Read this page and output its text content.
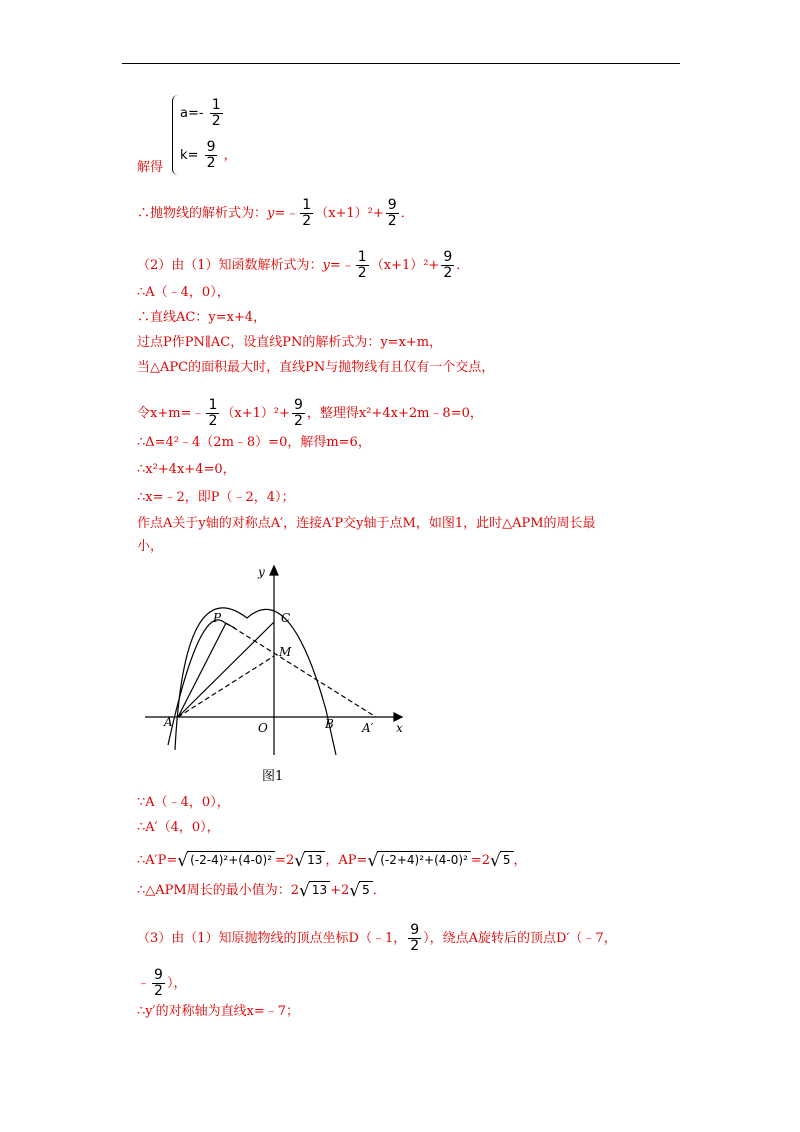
解得
$a=- \frac{1}{2}$
$k= \frac{9}{2}$ ，
∴抛物线的解析式为：y=﹣ $\frac{1}{2} (x+1)^2+ \frac{9}{2}$ ．
（2）由（1）知函数解析式为：y=﹣ $\frac{1}{2} (x+1)^2+ \frac{9}{2}$ ．
∴A（﹣4，0），
∴直线AC：y=x+4，
过点P作PN∥AC，设直线PN的解析式为：y=x+m，
当△APC的面积最大时，直线PN与抛物线有且仅有一个交点，
令x+m=﹣ $\frac{1}{2} (x+1)^2+ \frac{9}{2}$ ，整理得x²+4x+2m﹣8=0，
∴Δ=4²﹣4（2m﹣8）=0，解得m=6，
∴x²+4x+4=0，
∴x=﹣2，即P（﹣2，4）；
作点A关于y轴的对称点A′，连接A′P交y轴于点M，如图1，此时△APM的周长最
小，
y
x
P	C
M
A	O	B A′
图1
∵A（﹣4，0），
∴A′（4，0），
∴A′P=√ (-2-4)²+(4-0)² =2√ 13 ，AP=√ (-2+4)²+(4-0)² =2√ 5 ，
∴△APM周长的最小值为：2√ 13 +2√ 5 ．
（3）由（1）知原抛物线的顶点坐标D（﹣1， $\frac{9}{2}$ ），绕点A旋转后的顶点D′（﹣7，
﹣ $\frac{9}{2}$ ），
∴y′的对称轴为直线x=﹣7；
